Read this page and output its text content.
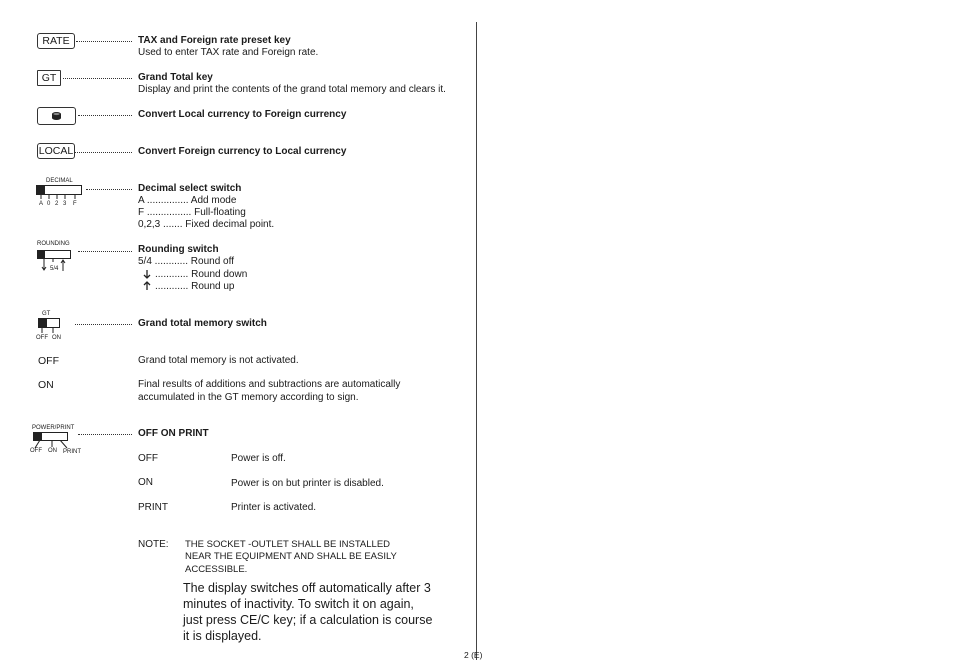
RATE	TAX and Foreign rate preset key
Used to enter TAX rate and Foreign rate.
GT	Grand Total key
Display and print the contents of the grand total memory and clears it.
Convert Local currency to Foreign currency
LOCAL	Convert Foreign currency to Local currency
DECIMAL
A 0 2 3 F
Decimal select switch
A ............... Add mode
F ................ Full-floating
0,2,3 ....... Fixed decimal point.
ROUNDING
5/4
Rounding switch
5/4 ............ Round off
............ Round down
............ Round up
GT
OFF ON
Grand total memory switch
OFF	Grand total memory is not activated.
ON	Final results of additions and subtractions are automatically
accumulated in the GT memory according to sign.
POWER/PRINT
OFF ON PRINT
OFF ON PRINT
OFF	Power is off.
ON	Power is on but printer is disabled.
PRINT	Printer is activated.
NOTE: THE SOCKET -OUTLET SHALL BE INSTALLED
NEAR THE EQUIPMENT AND SHALL BE EASILY
ACCESSIBLE.
The display switches off automatically after 3
minutes of inactivity. To switch it on again,
just press CE/C key; if a calculation is course
it is displayed.
2 (E)
